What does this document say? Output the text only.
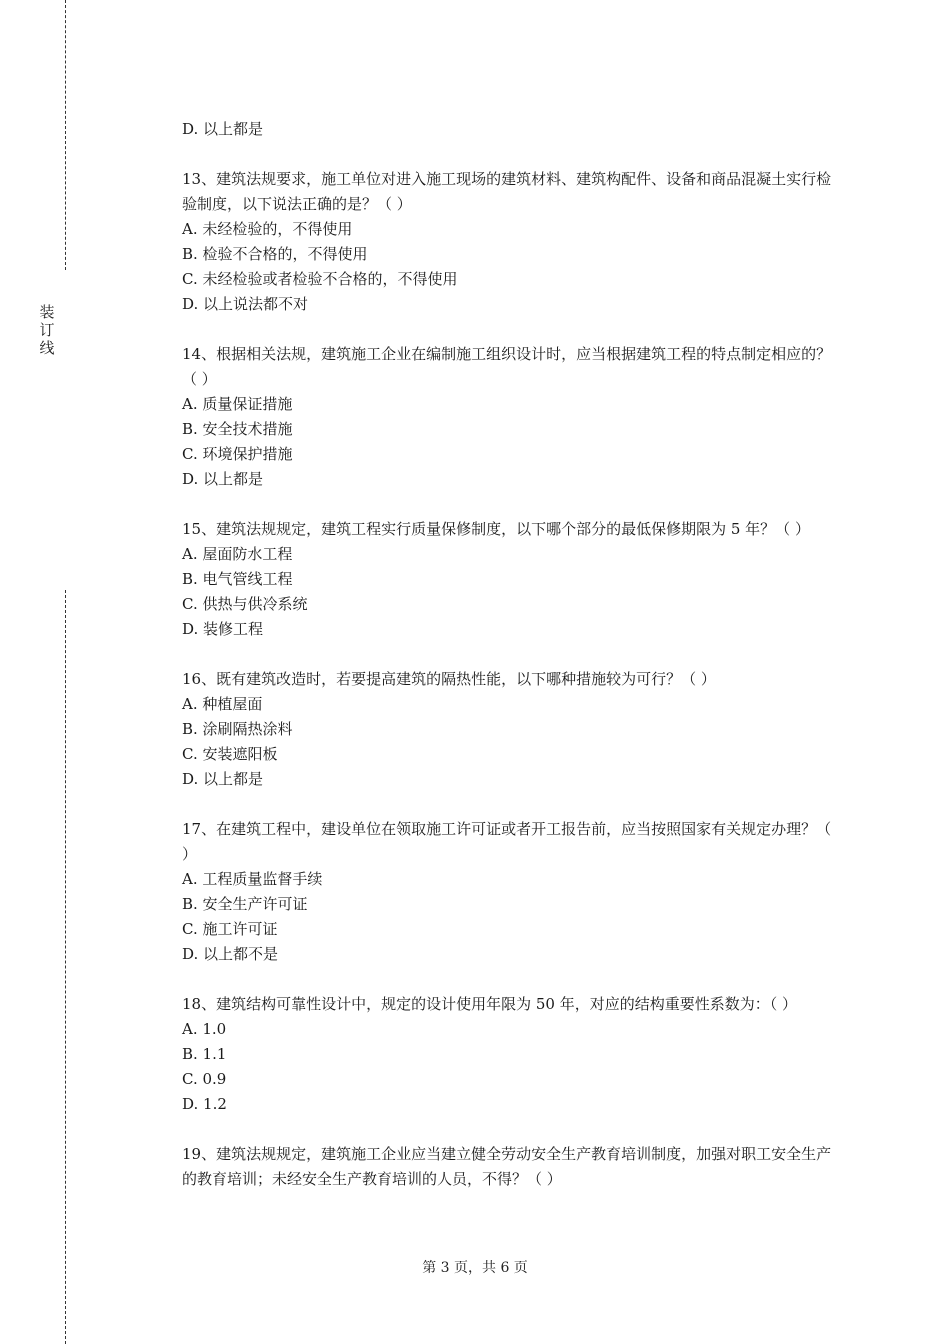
装
订
线

D. 以上都是

13、建筑法规要求，施工单位对进入施工现场的建筑材料、建筑构配件、设备和商品混凝土实行检验制度，以下说法正确的是？（ ）

A. 未经检验的，不得使用

B. 检验不合格的，不得使用

C. 未经检验或者检验不合格的，不得使用

D. 以上说法都不对

14、根据相关法规，建筑施工企业在编制施工组织设计时，应当根据建筑工程的特点制定相应的？（ ）

A. 质量保证措施

B. 安全技术措施

C. 环境保护措施

D. 以上都是

15、建筑法规规定，建筑工程实行质量保修制度，以下哪个部分的最低保修期限为 5 年？（ ）

A. 屋面防水工程

B. 电气管线工程

C. 供热与供冷系统

D. 装修工程

16、既有建筑改造时，若要提高建筑的隔热性能，以下哪种措施较为可行？（ ）

A. 种植屋面

B. 涂刷隔热涂料

C. 安装遮阳板

D. 以上都是

17、在建筑工程中，建设单位在领取施工许可证或者开工报告前，应当按照国家有关规定办理？（ ）

A. 工程质量监督手续

B. 安全生产许可证

C. 施工许可证

D. 以上都不是

18、建筑结构可靠性设计中，规定的设计使用年限为 50 年，对应的结构重要性系数为：（ ）

A. 1.0

B. 1.1

C. 0.9

D. 1.2

19、建筑法规规定，建筑施工企业应当建立健全劳动安全生产教育培训制度，加强对职工安全生产的教育培训；未经安全生产教育培训的人员，不得？（ ）

第 3 页，共 6 页
